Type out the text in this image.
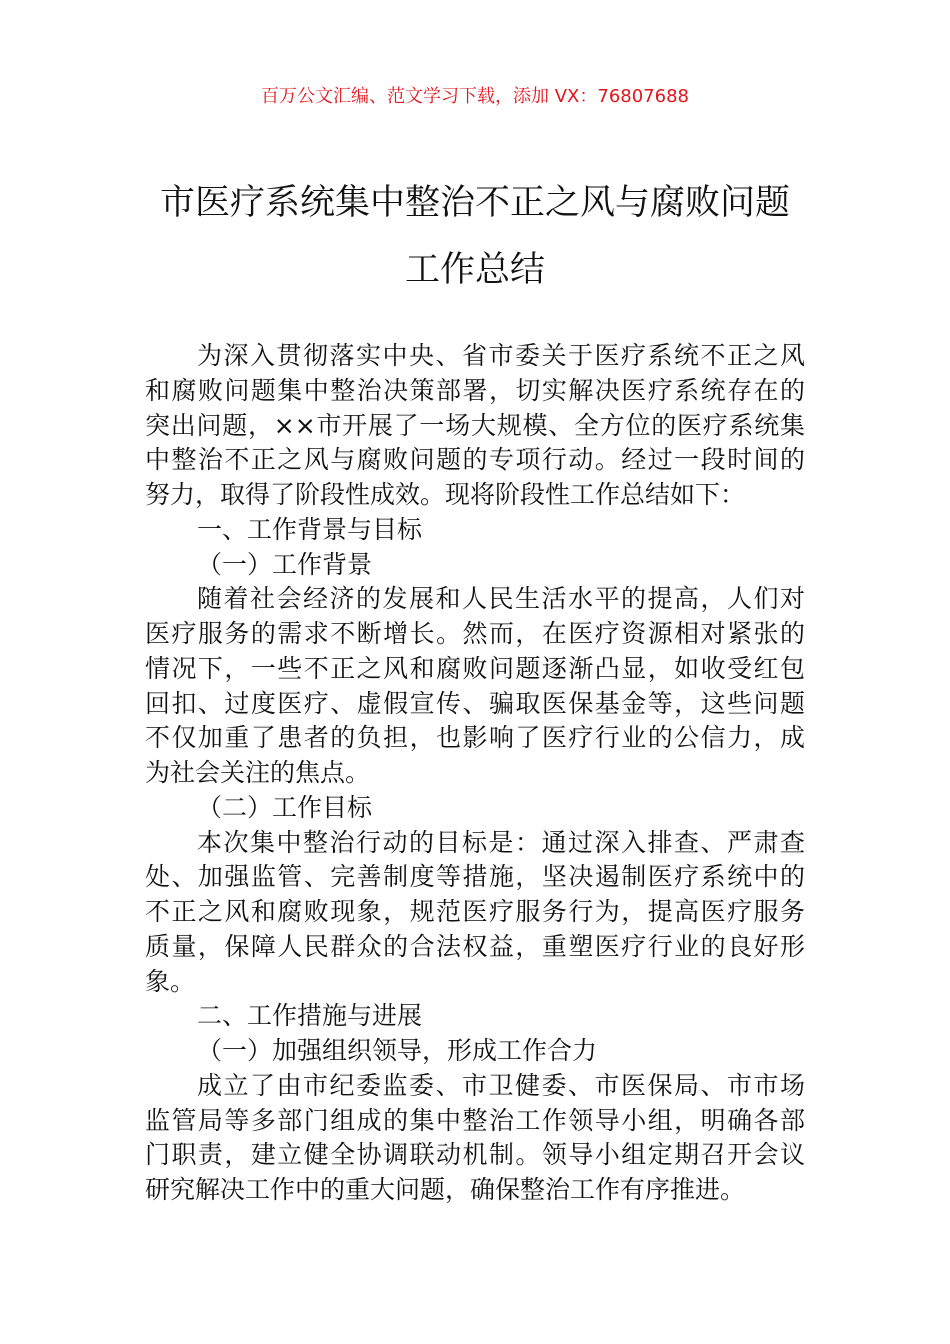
百万公文汇编、范文学习下载，添加 VX：76807688
市医疗系统集中整治不正之风与腐败问题
工作总结
为深入贯彻落实中央、省市委关于医疗系统不正之风
和腐败问题集中整治决策部署，切实解决医疗系统存在的
突出问题，××市开展了一场大规模、全方位的医疗系统集
中整治不正之风与腐败问题的专项行动。经过一段时间的
努力，取得了阶段性成效。现将阶段性工作总结如下：
一、工作背景与目标
（一）工作背景
随着社会经济的发展和人民生活水平的提高，人们对
医疗服务的需求不断增长。然而，在医疗资源相对紧张的
情况下，一些不正之风和腐败问题逐渐凸显，如收受红包
回扣、过度医疗、虚假宣传、骗取医保基金等，这些问题
不仅加重了患者的负担，也影响了医疗行业的公信力，成
为社会关注的焦点。
（二）工作目标
本次集中整治行动的目标是：通过深入排查、严肃查
处、加强监管、完善制度等措施，坚决遏制医疗系统中的
不正之风和腐败现象，规范医疗服务行为，提高医疗服务
质量，保障人民群众的合法权益，重塑医疗行业的良好形
象。
二、工作措施与进展
（一）加强组织领导，形成工作合力
成立了由市纪委监委、市卫健委、市医保局、市市场
监管局等多部门组成的集中整治工作领导小组，明确各部
门职责，建立健全协调联动机制。领导小组定期召开会议
研究解决工作中的重大问题，确保整治工作有序推进。
